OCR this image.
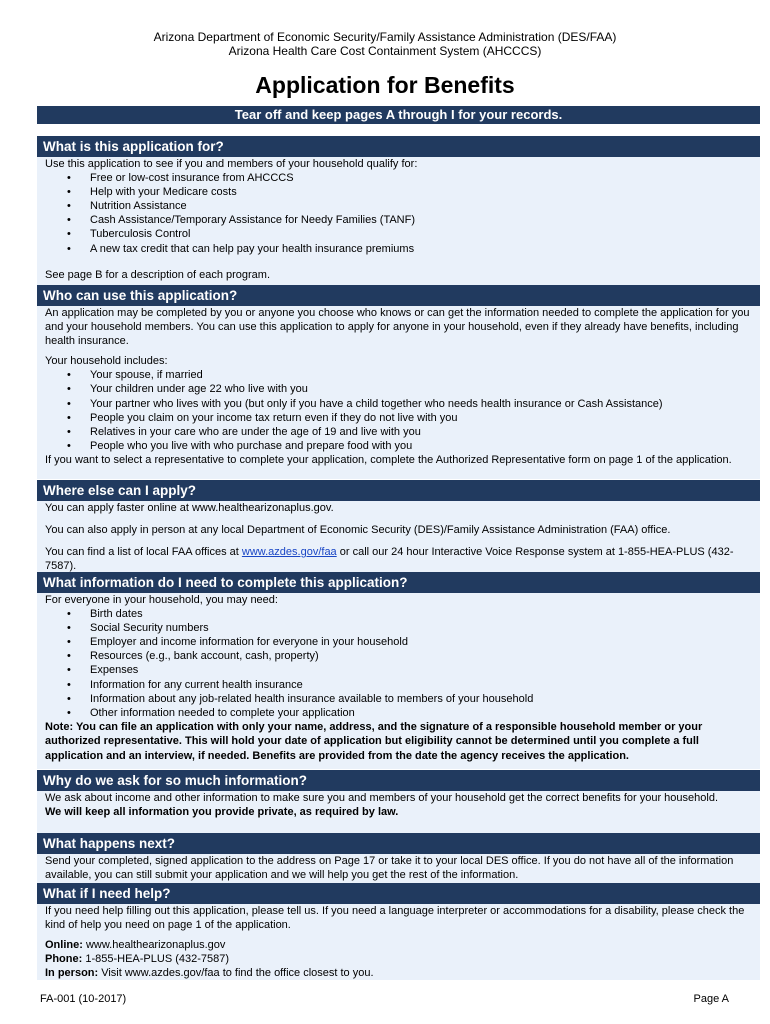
Arizona Department of Economic Security/Family Assistance Administration (DES/FAA)
Arizona Health Care Cost Containment System (AHCCCS)
Application for Benefits
Tear off and keep pages A through I for your records.
What is this application for?

Use this application to see if you and members of your household qualify for:

• Free or low-cost insurance from AHCCCS
• Help with your Medicare costs
• Nutrition Assistance
• Cash Assistance/Temporary Assistance for Needy Families (TANF)
• Tuberculosis Control
• A new tax credit that can help pay your health insurance premiums

See page B for a description of each program.

Who can use this application?

An application may be completed by you or anyone you choose who knows or can get the information needed to complete the application for you and your household members. You can use this application to apply for anyone in your household, even if they already have benefits, including health insurance.

Your household includes:

• Your spouse, if married
• Your children under age 22 who live with you
• Your partner who lives with you (but only if you have a child together who needs health insurance or Cash Assistance)
• People you claim on your income tax return even if they do not live with you
• Relatives in your care who are under the age of 19 and live with you
• People who you live with who purchase and prepare food with you

If you want to select a representative to complete your application, complete the Authorized Representative form on page 1 of the application.

Where else can I apply?

You can apply faster online at www.healthearizonaplus.gov.

You can also apply in person at any local Department of Economic Security (DES)/Family Assistance Administration (FAA) office.

You can find a list of local FAA offices at www.azdes.gov/faa or call our 24 hour Interactive Voice Response system at 1-855-HEA-PLUS (432-7587).

What information do I need to complete this application?

For everyone in your household, you may need:

• Birth dates
• Social Security numbers
• Employer and income information for everyone in your household
• Resources (e.g., bank account, cash, property)
• Expenses
• Information for any current health insurance
• Information about any job-related health insurance available to members of your household
• Other information needed to complete your application

Note: You can file an application with only your name, address, and the signature of a responsible household member or your authorized representative. This will hold your date of application but eligibility cannot be determined until you complete a full application and an interview, if needed. Benefits are provided from the date the agency receives the application.

Why do we ask for so much information?

We ask about income and other information to make sure you and members of your household get the correct benefits for your household.

We will keep all information you provide private, as required by law.

What happens next?

Send your completed, signed application to the address on Page 17 or take it to your local DES office. If you do not have all of the information available, you can still submit your application and we will help you get the rest of the information.

What if I need help?

If you need help filling out this application, please tell us. If you need a language interpreter or accommodations for a disability, please check the kind of help you need on page 1 of the application.

Online: www.healthearizonaplus.gov

Phone: 1-855-HEA-PLUS (432-7587)

In person: Visit www.azdes.gov/faa to find the office closest to you.

FA-001 (10-2017)	Page A
